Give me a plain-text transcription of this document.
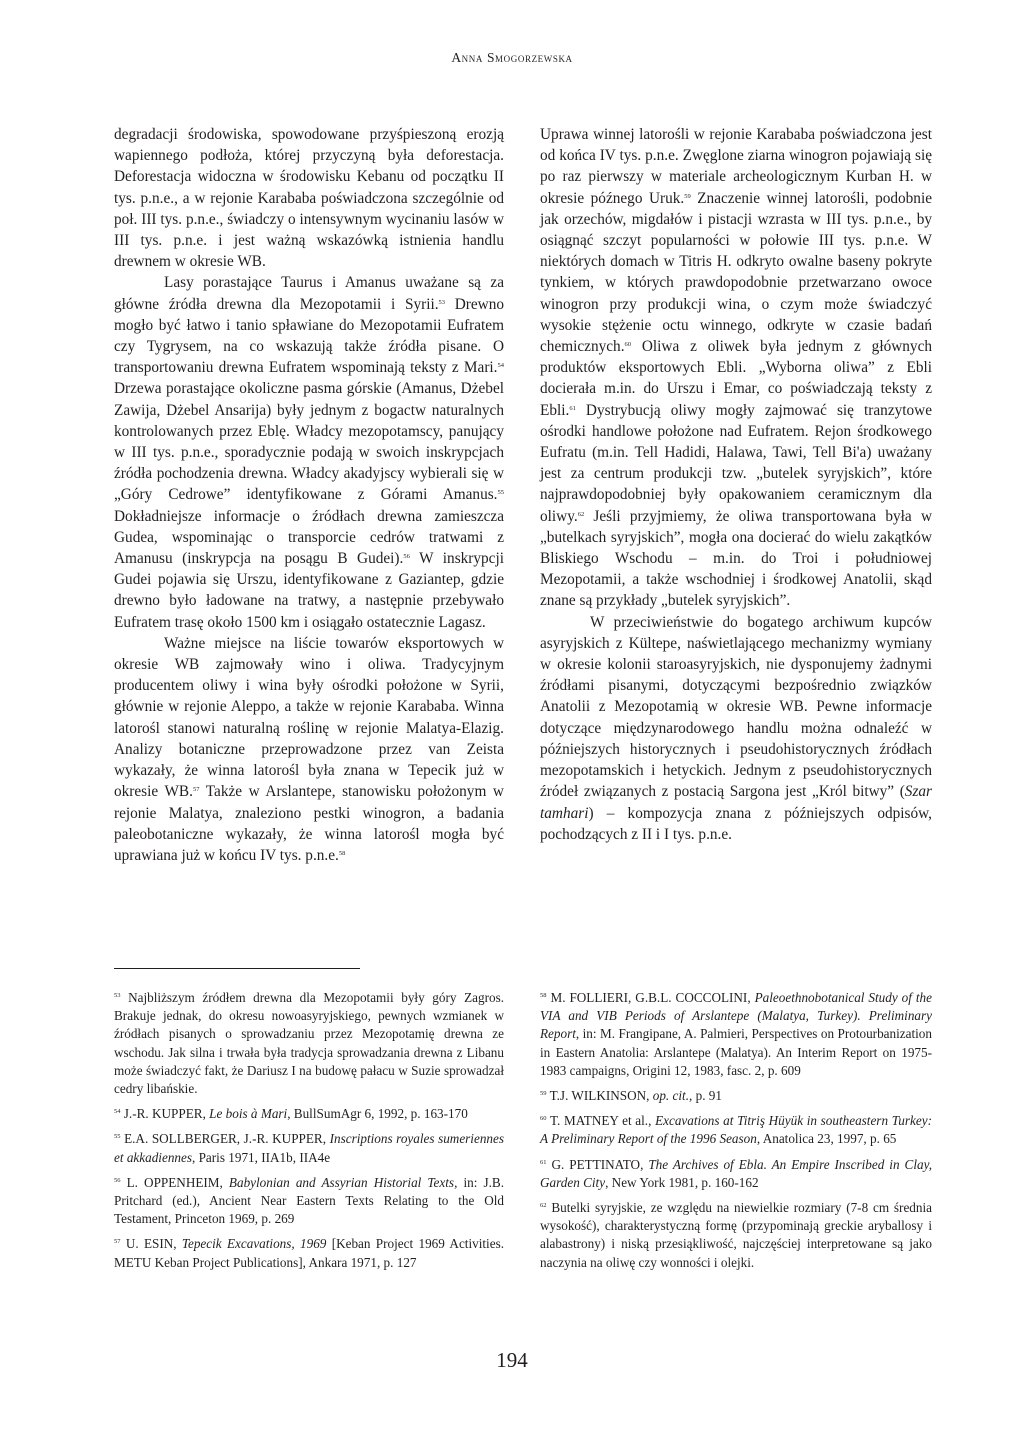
Anna Smogorzewska

degradacji środowiska, spowodowane przyśpieszoną erozją wapiennego podłoża, której przyczyną była deforestacja. Deforestacja widoczna w środowisku Kebanu od początku II tys. p.n.e., a w rejonie Karababa poświadczona szczególnie od poł. III tys. p.n.e., świadczy o intensywnym wycinaniu lasów w III tys. p.n.e. i jest ważną wskazówką istnienia handlu drewnem w okresie WB.

Lasy porastające Taurus i Amanus uważane są za główne źródła drewna dla Mezopotamii i Syrii.$^{53}$ Drewno mogło być łatwo i tanio spławiane do Mezopotamii Eufratem czy Tygrysem, na co wskazują także źródła pisane. O transportowaniu drewna Eufratem wspominają teksty z Mari.$^{54}$ Drzewa porastające okoliczne pasma górskie (Amanus, Dżebel Zawija, Dżebel Ansarija) były jednym z bogactw naturalnych kontrolowanych przez Eblę. Władcy mezopotamscy, panujący w III tys. p.n.e., sporadycznie podają w swoich inskrypcjach źródła pochodzenia drewna. Władcy akadyjscy wybierali się w „Góry Cedrowe” identyfikowane z Górami Amanus.$^{55}$ Dokładniejsze informacje o źródłach drewna zamieszcza Gudea, wspominając o transporcie cedrów tratwami z Amanusu (inskrypcja na posągu B Gudei).$^{56}$ W inskrypcji Gudei pojawia się Urszu, identyfikowane z Gaziantep, gdzie drewno było ładowane na tratwy, a następnie przebywało Eufratem trasę około 1500 km i osiągało ostatecznie Lagasz.

Ważne miejsce na liście towarów eksportowych w okresie WB zajmowały wino i oliwa. Tradycyjnym producentem oliwy i wina były ośrodki położone w Syrii, głównie w rejonie Aleppo, a także w rejonie Karababa. Winna latorośl stanowi naturalną roślinę w rejonie Malatya-Elazig. Analizy botaniczne przeprowadzone przez van Zeista wykazały, że winna latorośl była znana w Tepecik już w okresie WB.$^{57}$ Także w Arslantepe, stanowisku położonym w rejonie Malatya, znaleziono pestki winogron, a badania paleobotaniczne wykazały, że winna latorośl mogła być uprawiana już w końcu IV tys. p.n.e.$^{58}$

Uprawa winnej latorośli w rejonie Karababa poświadczona jest od końca IV tys. p.n.e. Zwęglone ziarna winogron pojawiają się po raz pierwszy w materiale archeologicznym Kurban H. w okresie późnego Uruk.$^{59}$ Znaczenie winnej latorośli, podobnie jak orzechów, migdałów i pistacji wzrasta w III tys. p.n.e., by osiągnąć szczyt popularności w połowie III tys. p.n.e. W niektórych domach w Titris H. odkryto owalne baseny pokryte tynkiem, w których prawdopodobnie przetwarzano owoce winogron przy produkcji wina, o czym może świadczyć wysokie stężenie octu winnego, odkryte w czasie badań chemicznych.$^{60}$ Oliwa z oliwek była jednym z głównych produktów eksportowych Ebli. „Wyborna oliwa” z Ebli docierała m.in. do Urszu i Emar, co poświadczają teksty z Ebli.$^{61}$ Dystrybucją oliwy mogły zajmować się tranzytowe ośrodki handlowe położone nad Eufratem. Rejon środkowego Eufratu (m.in. Tell Hadidi, Halawa, Tawi, Tell Bi'a) uważany jest za centrum produkcji tzw. „butelek syryjskich”, które najprawdopodobniej były opakowaniem ceramicznym dla oliwy.$^{62}$ Jeśli przyjmiemy, że oliwa transportowana była w „butelkach syryjskich”, mogła ona docierać do wielu zakątków Bliskiego Wschodu – m.in. do Troi i południowej Mezopotamii, a także wschodniej i środkowej Anatolii, skąd znane są przykłady „butelek syryjskich”.

W przeciwieństwie do bogatego archiwum kupców asyryjskich z Kültepe, naświetlającego mechanizmy wymiany w okresie kolonii staroasyryjskich, nie dysponujemy żadnymi źródłami pisanymi, dotyczącymi bezpośrednio związków Anatolii z Mezopotamią w okresie WB. Pewne informacje dotyczące międzynarodowego handlu można odnaleźć w późniejszych historycznych i pseudohistorycznych źródłach mezopotamskich i hetyckich. Jednym z pseudohistorycznych źródeł związanych z postacią Sargona jest „Król bitwy” (Szar tamhari) – kompozycja znana z późniejszych odpisów, pochodzących z II i I tys. p.n.e.

$^{53}$ Najbliższym źródłem drewna dla Mezopotamii były góry Zagros. Brakuje jednak, do okresu nowoasyryjskiego, pewnych wzmianek w źródłach pisanych o sprowadzaniu przez Mezopotamię drewna ze wschodu. Jak silna i trwała była tradycja sprowadzania drewna z Libanu może świadczyć fakt, że Dariusz I na budowę pałacu w Suzie sprowadzał cedry libańskie.

$^{54}$ J.-R. KUPPER, Le bois à Mari, BullSumAgr 6, 1992, p. 163-170

$^{55}$ E.A. SOLLBERGER, J.-R. KUPPER, Inscriptions royales sumeriennes et akkadiennes, Paris 1971, IIA1b, IIA4e

$^{56}$ L. OPPENHEIM, Babylonian and Assyrian Historial Texts, in: J.B. Pritchard (ed.), Ancient Near Eastern Texts Relating to the Old Testament, Princeton 1969, p. 269

$^{57}$ U. ESIN, Tepecik Excavations, 1969 [Keban Project 1969 Activities. METU Keban Project Publications], Ankara 1971, p. 127

$^{58}$ M. FOLLIERI, G.B.L. COCCOLINI, Paleoethnobotanical Study of the VIA and VIB Periods of Arslantepe (Malatya, Turkey). Preliminary Report, in: M. Frangipane, A. Palmieri, Perspectives on Protourbanization in Eastern Anatolia: Arslantepe (Malatya). An Interim Report on 1975-1983 campaigns, Origini 12, 1983, fasc. 2, p. 609

$^{59}$ T.J. WILKINSON, op. cit., p. 91

$^{60}$ T. MATNEY et al., Excavations at Titriş Hüyük in southeastern Turkey: A Preliminary Report of the 1996 Season, Anatolica 23, 1997, p. 65

$^{61}$ G. PETTINATO, The Archives of Ebla. An Empire Inscribed in Clay, Garden City, New York 1981, p. 160-162

$^{62}$ Butelki syryjskie, ze względu na niewielkie rozmiary (7-8 cm średnia wysokość), charakterystyczną formę (przypominają greckie aryballosy i alabastrony) i niską przesiąkliwość, najczęściej interpretowane są jako naczynia na oliwę czy wonności i olejki.

194
